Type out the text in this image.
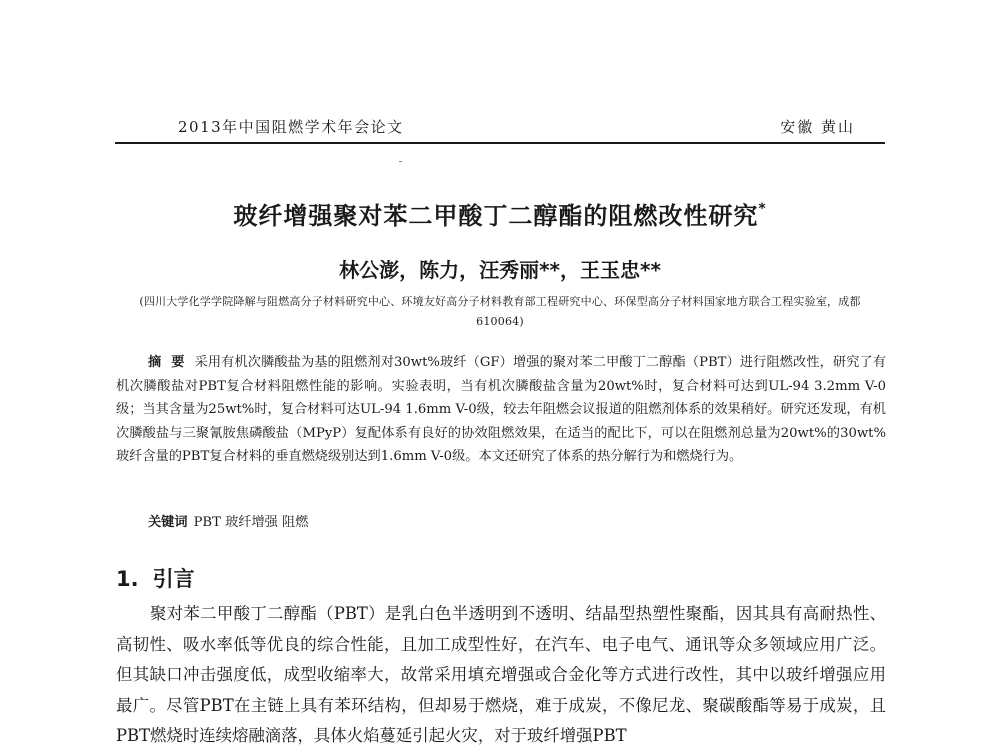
2013年中国阻燃学术年会论文	安徽 黄山
玻纤增强聚对苯二甲酸丁二醇酯的阻燃改性研究*
林公澎，陈力，汪秀丽**，王玉忠**
(四川大学化学学院降解与阻燃高分子材料研究中心、环境友好高分子材料教育部工程研究中心、环保型高分子材料国家地方联合工程实验室，成都 610064)
摘要采用有机次膦酸盐为基的阻燃剂对30wt%玻纤（GF）增强的聚对苯二甲酸丁二醇酯（PBT）进行阻燃改性，研究了有机次膦酸盐对PBT复合材料阻燃性能的影响。实验表明，当有机次膦酸盐含量为20wt%时，复合材料可达到UL-94 3.2mm V-0级；当其含量为25wt%时，复合材料可达UL-94 1.6mm V-0级，较去年阻燃会议报道的阻燃剂体系的效果稍好。研究还发现，有机次膦酸盐与三聚氰胺焦磷酸盐（MPyP）复配体系有良好的协效阻燃效果，在适当的配比下，可以在阻燃剂总量为20wt%的30wt%玻纤含量的PBT复合材料的垂直燃烧级别达到1.6mm V-0级。本文还研究了体系的热分解行为和燃烧行为。
关键词 PBT 玻纤增强 阻燃
1. 引言
聚对苯二甲酸丁二醇酯（PBT）是乳白色半透明到不透明、结晶型热塑性聚酯，因其具有高耐热性、高韧性、吸水率低等优良的综合性能，且加工成型性好，在汽车、电子电气、通讯等众多领域应用广泛。但其缺口冲击强度低，成型收缩率大，故常采用填充增强或合金化等方式进行改性，其中以玻纤增强应用最广。尽管PBT在主链上具有苯环结构，但却易于燃烧，难于成炭，不像尼龙、聚碳酸酯等易于成炭，且PBT燃烧时连续熔融滴落，具体火焰蔓延引起火灾，对于玻纤增强PBT
